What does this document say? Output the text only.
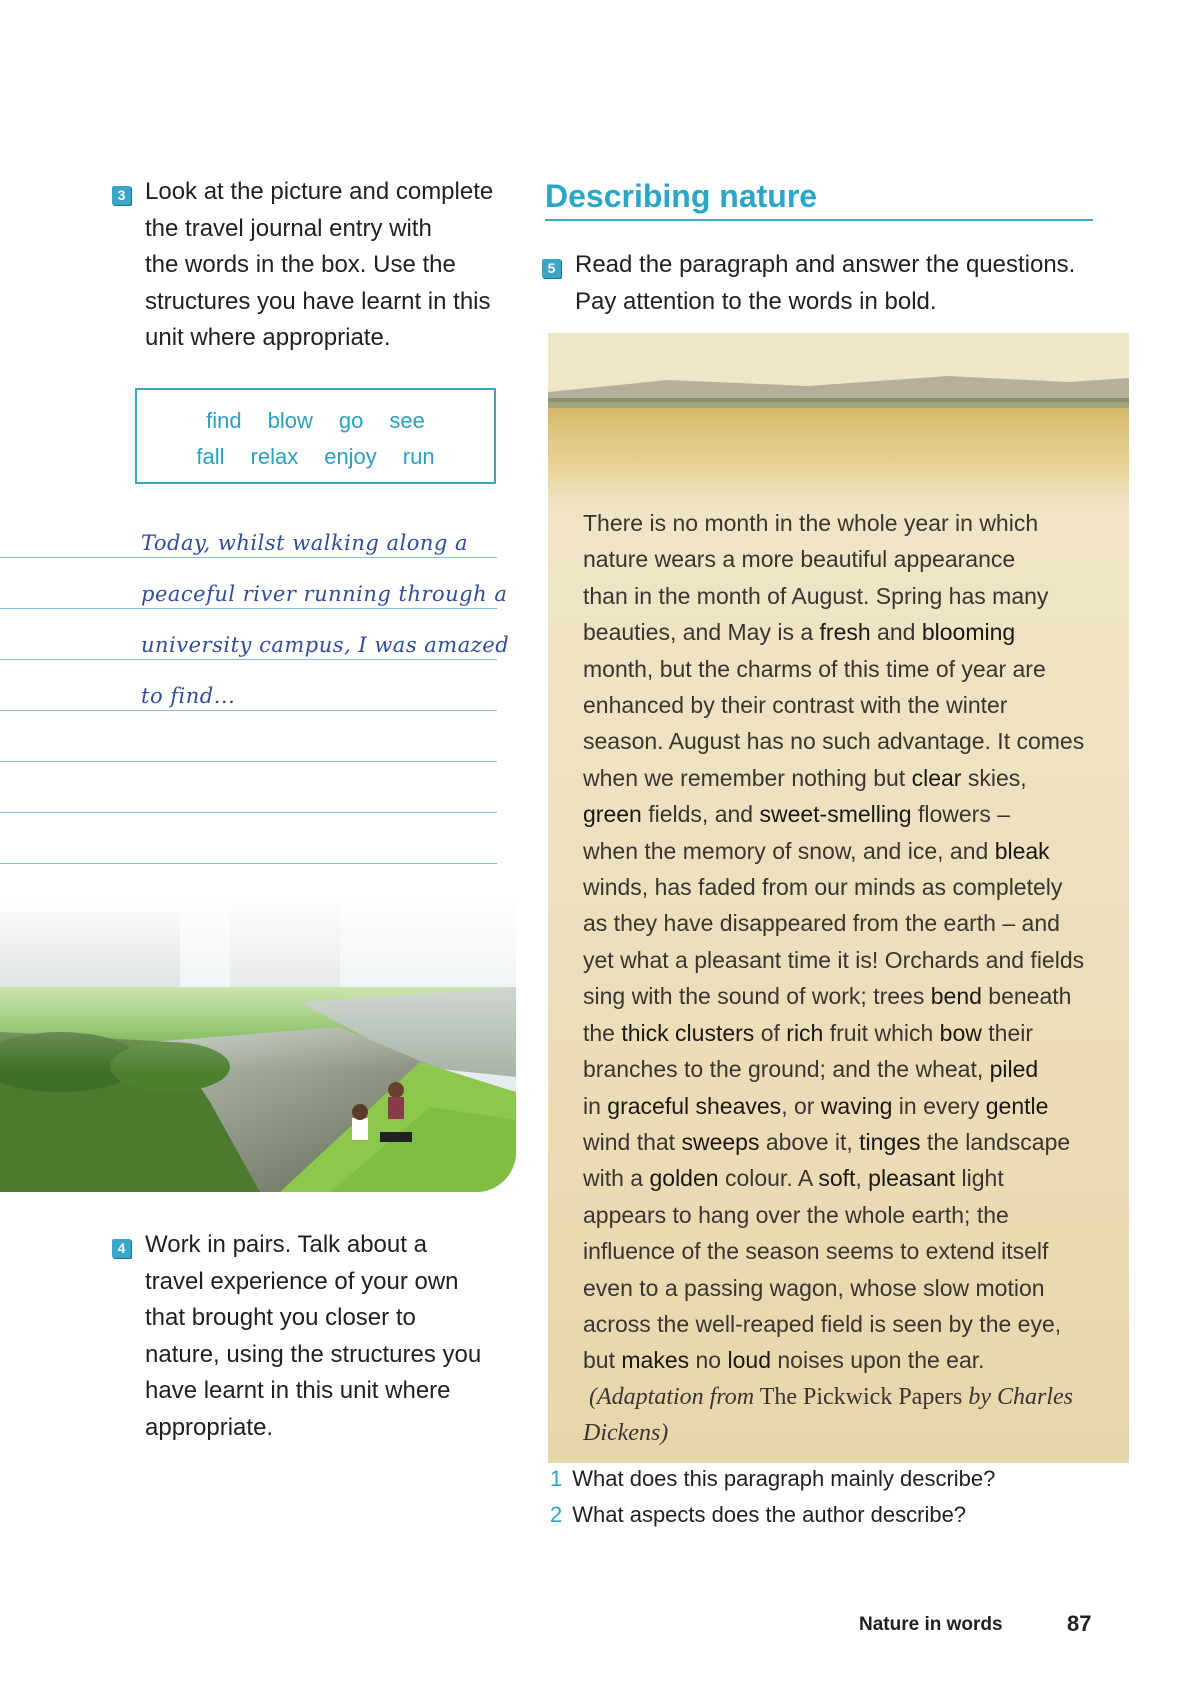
3 Look at the picture and complete
the travel journal entry with
the words in the box. Use the
structures you have learnt in this
unit where appropriate.
find blow go see
fall relax enjoy run
Today, whilst walking along a
peaceful river running through a
university campus, I was amazed
to find...
4 Work in pairs. Talk about a
travel experience of your own
that brought you closer to
nature, using the structures you
have learnt in this unit where
appropriate.
Describing nature
5 Read the paragraph and answer the questions.
Pay attention to the words in bold.
There is no month in the whole year in which
nature wears a more beautiful appearance
than in the month of August. Spring has many
beauties, and May is a fresh and blooming
month, but the charms of this time of year are
enhanced by their contrast with the winter
season. August has no such advantage. It comes
when we remember nothing but clear skies,
green fields, and sweet-smelling flowers –
when the memory of snow, and ice, and bleak
winds, has faded from our minds as completely
as they have disappeared from the earth – and
yet what a pleasant time it is! Orchards and fields
sing with the sound of work; trees bend beneath
the thick clusters of rich fruit which bow their
branches to the ground; and the wheat, piled
in graceful sheaves, or waving in every gentle
wind that sweeps above it, tinges the landscape
with a golden colour. A soft, pleasant light
appears to hang over the whole earth; the
influence of the season seems to extend itself
even to a passing wagon, whose slow motion
across the well-reaped field is seen by the eye,
but makes no loud noises upon the ear.
(Adaptation from The Pickwick Papers by Charles
Dickens)
1 What does this paragraph mainly describe?
2 What aspects does the author describe?
Nature in words	87
